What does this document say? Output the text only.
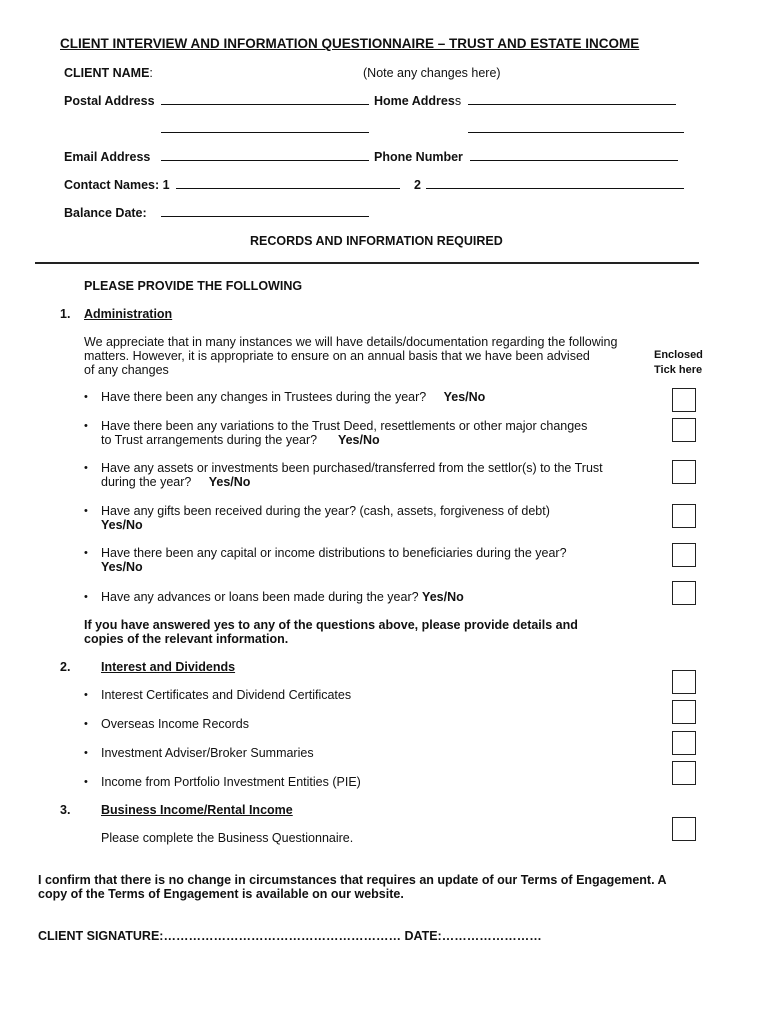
CLIENT INTERVIEW AND INFORMATION QUESTIONNAIRE – TRUST AND ESTATE INCOME
CLIENT NAME:	(Note any changes here)
Postal Address	Home Address
Email Address	Phone Number
Contact Names: 1	2
Balance Date:
RECORDS AND INFORMATION REQUIRED
PLEASE PROVIDE THE FOLLOWING
1. Administration
We appreciate that in many instances we will have details/documentation regarding the following
matters. However, it is appropriate to ensure on an annual basis that we have been advised
of any changes
Enclosed
Tick here
• Have there been any changes in Trustees during the year? Yes/No
• Have there been any variations to the Trust Deed, resettlements or other major changes
to Trust arrangements during the year? Yes/No
• Have any assets or investments been purchased/transferred from the settlor(s) to the Trust
during the year? Yes/No
• Have any gifts been received during the year? (cash, assets, forgiveness of debt)
Yes/No
• Have there been any capital or income distributions to beneficiaries during the year?
Yes/No
• Have any advances or loans been made during the year? Yes/No
If you have answered yes to any of the questions above, please provide details and
copies of the relevant information.
2. Interest and Dividends
• Interest Certificates and Dividend Certificates
• Overseas Income Records
• Investment Adviser/Broker Summaries
• Income from Portfolio Investment Entities (PIE)
3. Business Income/Rental Income
Please complete the Business Questionnaire.
I confirm that there is no change in circumstances that requires an update of our Terms of Engagement. A
copy of the Terms of Engagement is available on our website.
CLIENT SIGNATURE:………………………………………………… DATE:……………………
